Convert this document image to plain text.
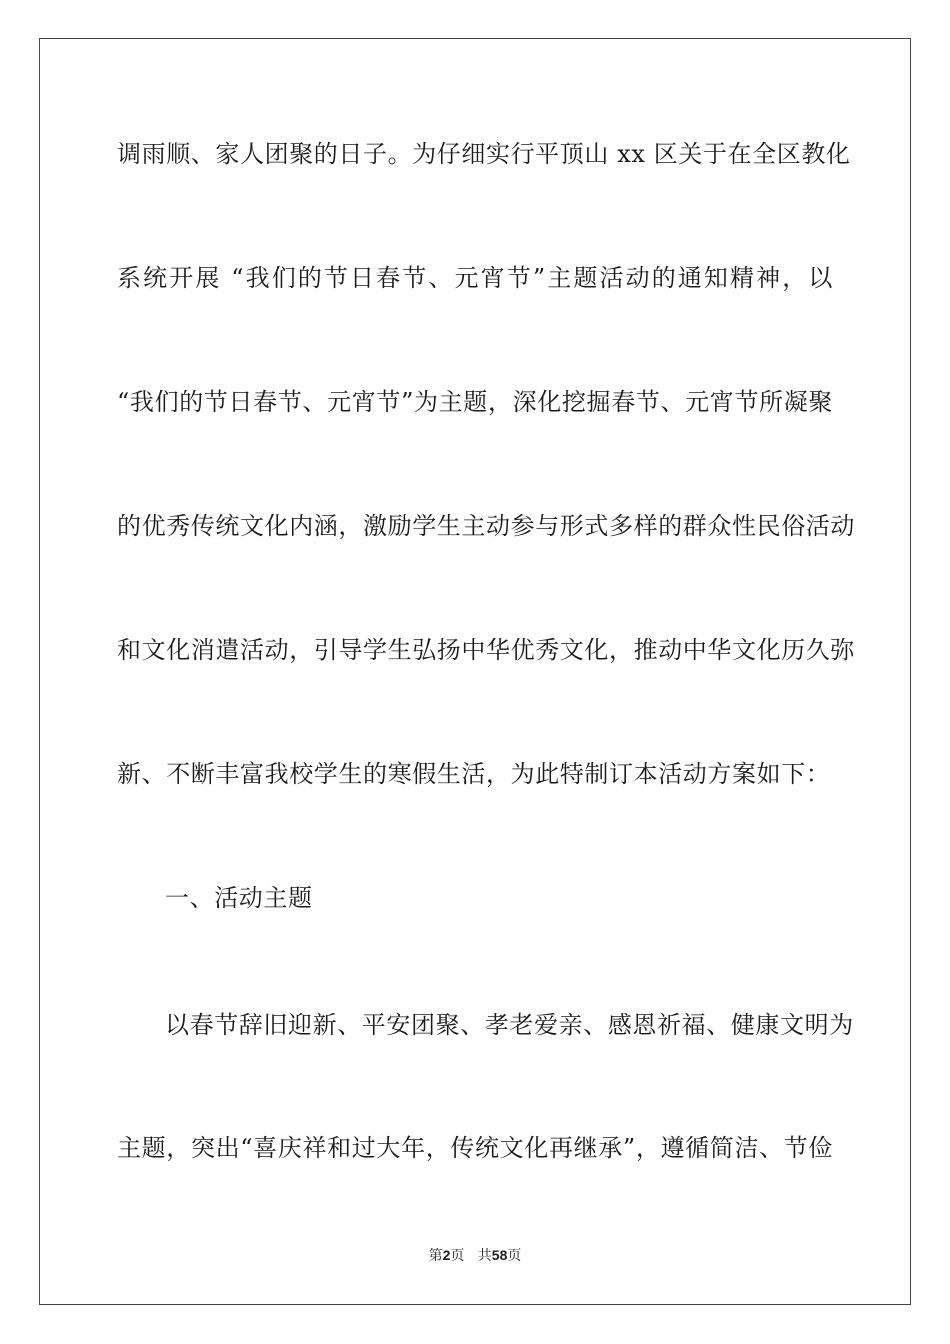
调雨顺、家人团聚的日子。为仔细实行平顶山 xx 区关于在全区教化
系统开展 “我们的节日春节、元宵节”主题活动的通知精神，以
“我们的节日春节、元宵节”为主题，深化挖掘春节、元宵节所凝聚
的优秀传统文化内涵，激励学生主动参与形式多样的群众性民俗活动
和文化消遣活动，引导学生弘扬中华优秀文化，推动中华文化历久弥
新、不断丰富我校学生的寒假生活，为此特制订本活动方案如下：
一、活动主题
以春节辞旧迎新、平安团聚、孝老爱亲、感恩祈福、健康文明为
主题，突出“喜庆祥和过大年，传统文化再继承”，遵循简洁、节俭
第2页 共58页
